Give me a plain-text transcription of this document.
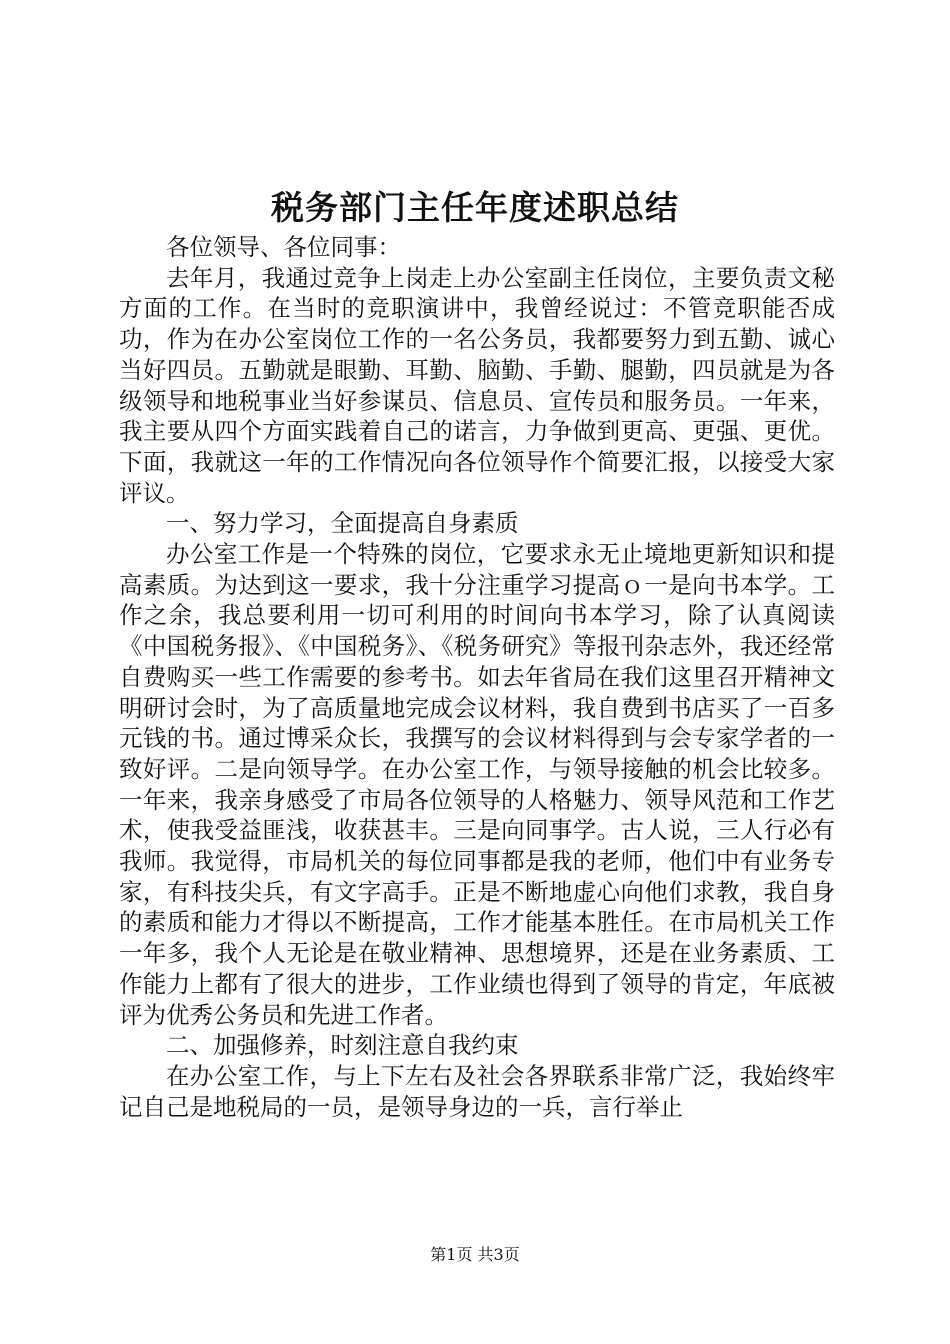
税务部门主任年度述职总结

各位领导、各位同事：

去年月，我通过竞争上岗走上办公室副主任岗位，主要负责文秘方面的工作。在当时的竞职演讲中，我曾经说过：不管竞职能否成功，作为在办公室岗位工作的一名公务员，我都要努力到五勤、诚心当好四员。五勤就是眼勤、耳勤、脑勤、手勤、腿勤，四员就是为各级领导和地税事业当好参谋员、信息员、宣传员和服务员。一年来，我主要从四个方面实践着自己的诺言，力争做到更高、更强、更优。下面，我就这一年的工作情况向各位领导作个简要汇报，以接受大家评议。

一、努力学习，全面提高自身素质

办公室工作是一个特殊的岗位，它要求永无止境地更新知识和提高素质。为达到这一要求，我十分注重学习提高ｏ一是向书本学。工作之余，我总要利用一切可利用的时间向书本学习，除了认真阅读《中国税务报》、《中国税务》、《税务研究》等报刊杂志外，我还经常自费购买一些工作需要的参考书。如去年省局在我们这里召开精神文明研讨会时，为了高质量地完成会议材料，我自费到书店买了一百多元钱的书。通过博采众长，我撰写的会议材料得到与会专家学者的一致好评。二是向领导学。在办公室工作，与领导接触的机会比较多。一年来，我亲身感受了市局各位领导的人格魅力、领导风范和工作艺术，使我受益匪浅，收获甚丰。三是向同事学。古人说，三人行必有我师。我觉得，市局机关的每位同事都是我的老师，他们中有业务专家，有科技尖兵，有文字高手。正是不断地虚心向他们求教，我自身的素质和能力才得以不断提高，工作才能基本胜任。在市局机关工作一年多，我个人无论是在敬业精神、思想境界，还是在业务素质、工作能力上都有了很大的进步，工作业绩也得到了领导的肯定，年底被评为优秀公务员和先进工作者。

二、加强修养，时刻注意自我约束

在办公室工作，与上下左右及社会各界联系非常广泛，我始终牢记自己是地税局的一员，是领导身边的一兵，言行举止

第1页 共3页
